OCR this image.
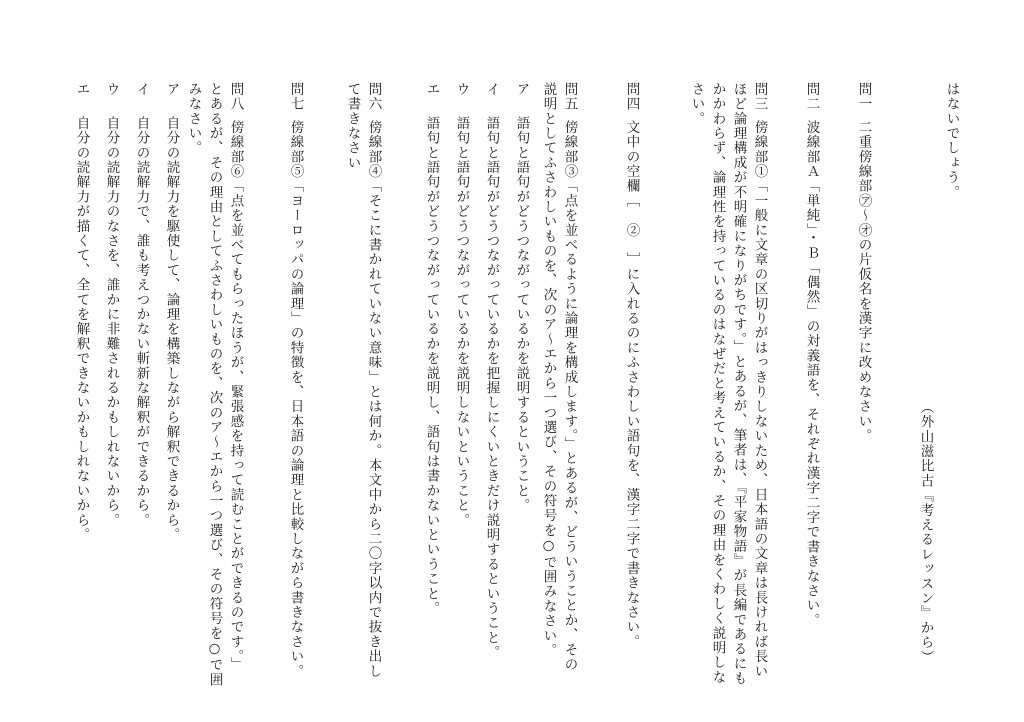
はないでしょう。
（外山滋比古『考えるレッスン』から）
問一
二重傍線部㋐〜㋔の片仮名を漢字に改めなさい。
問二
波線部Ａ「単純」・Ｂ「偶然」の対義語を、それぞれ漢字二字で書きなさい。
問三
傍線部①「一般に文章の区切りがはっきりしないため、日本語の文章は長ければ長い
ほど論理構成が不明確になりがちです。」とあるが、筆者は、『平家物語』が長編であるにも
かかわらず、論理性を持っているのはなぜだと考えているか、その理由をくわしく説明しな
さい。
問四
文中の空欄［　②　］に入れるのにふさわしい語句を、漢字二字で書きなさい。
問五
傍線部③「点を並べるように論理を構成します。」とあるが、どういうことか、その
説明としてふさわしいものを、次のア〜エから一つ選び、その符号を○で囲みなさい。
ア
語句と語句がどうつながっているかを説明するということ。
イ
語句と語句がどうつながっているかを把握しにくいときだけ説明するということ。
ウ
語句と語句がどうつながっているかを説明しないということ。
エ
語句と語句がどうつながっているかを説明し、語句は書かないということ。
問六
傍線部④「そこに書かれていない意味」とは何か。本文中から二〇字以内で抜き出し
て書きなさい
問七
傍線部⑤「ヨーロッパの論理」の特徴を、日本語の論理と比較しながら書きなさい。
問八
傍線部⑥「点を並べてもらったほうが、緊張感を持って読むことができるのです。」
とあるが、その理由としてふさわしいものを、次のア〜エから一つ選び、その符号を○で囲
みなさい。
ア
自分の読解力を駆使して、論理を構築しながら解釈できるから。
イ
自分の読解力で、誰も考えつかない斬新な解釈ができるから。
ウ
自分の読解力のなさを、誰かに非難されるかもしれないから。
エ
自分の読解力が描くて、全てを解釈できないかもしれないから。
